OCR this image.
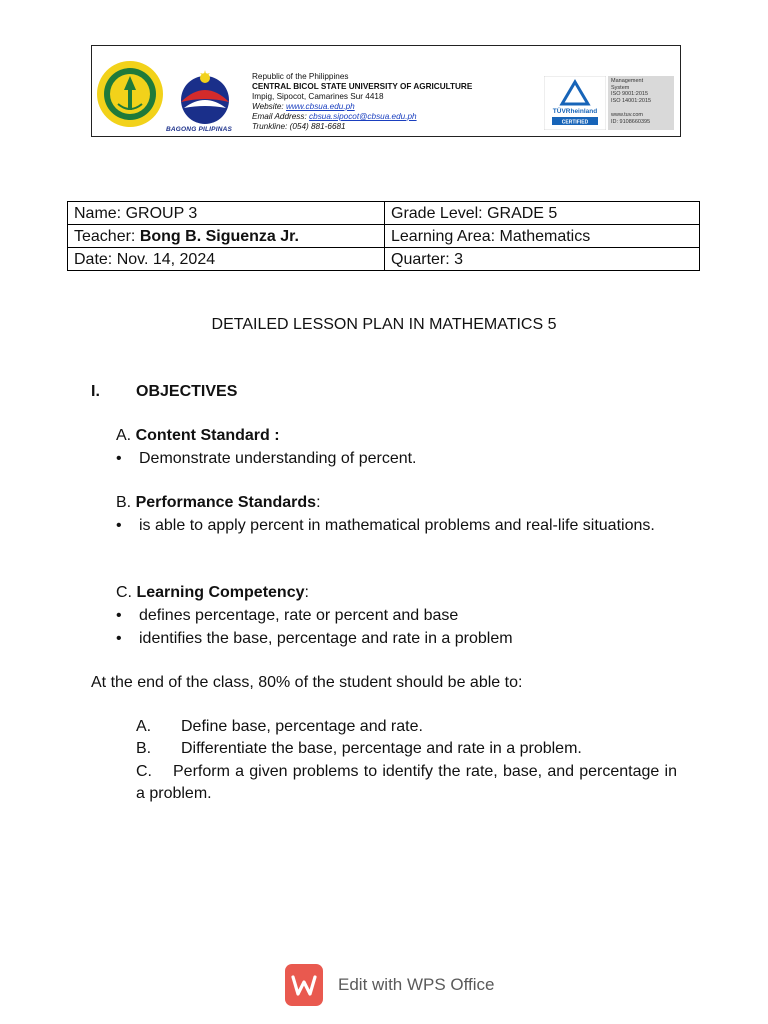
BAGONG PILIPINAS
Republic of the Philippines
CENTRAL BICOL STATE UNIVERSITY OF AGRICULTURE
Impig, Sipocot, Camarines Sur 4418
Website: www.cbsua.edu.ph
Email Address: cbsua.sipocot@cbsua.edu.ph
Trunkline: (054) 881-6681
TÜVRheinland
CERTIFIED
Management
System
ISO 9001:2015
ISO 14001:2015
www.tuv.com
ID: 9108660395
Name: GROUP 3	Grade Level: GRADE 5
Teacher: Bong B. Siguenza Jr.	Learning Area: Mathematics
Date: Nov. 14, 2024	Quarter: 3
DETAILED LESSON PLAN IN MATHEMATICS 5
I. OBJECTIVES
A. Content Standard :
• Demonstrate understanding of percent.
B. Performance Standards:
• is able to apply percent in mathematical problems and real-life situations.
C. Learning Competency:
• defines percentage, rate or percent and base
• identifies the base, percentage and rate in a problem
At the end of the class, 80% of the student should be able to:
A. Define base, percentage and rate.
B. Differentiate the base, percentage and rate in a problem.
C. Perform a given problems to identify the rate, base, and percentage in a problem.
Edit with WPS Office
